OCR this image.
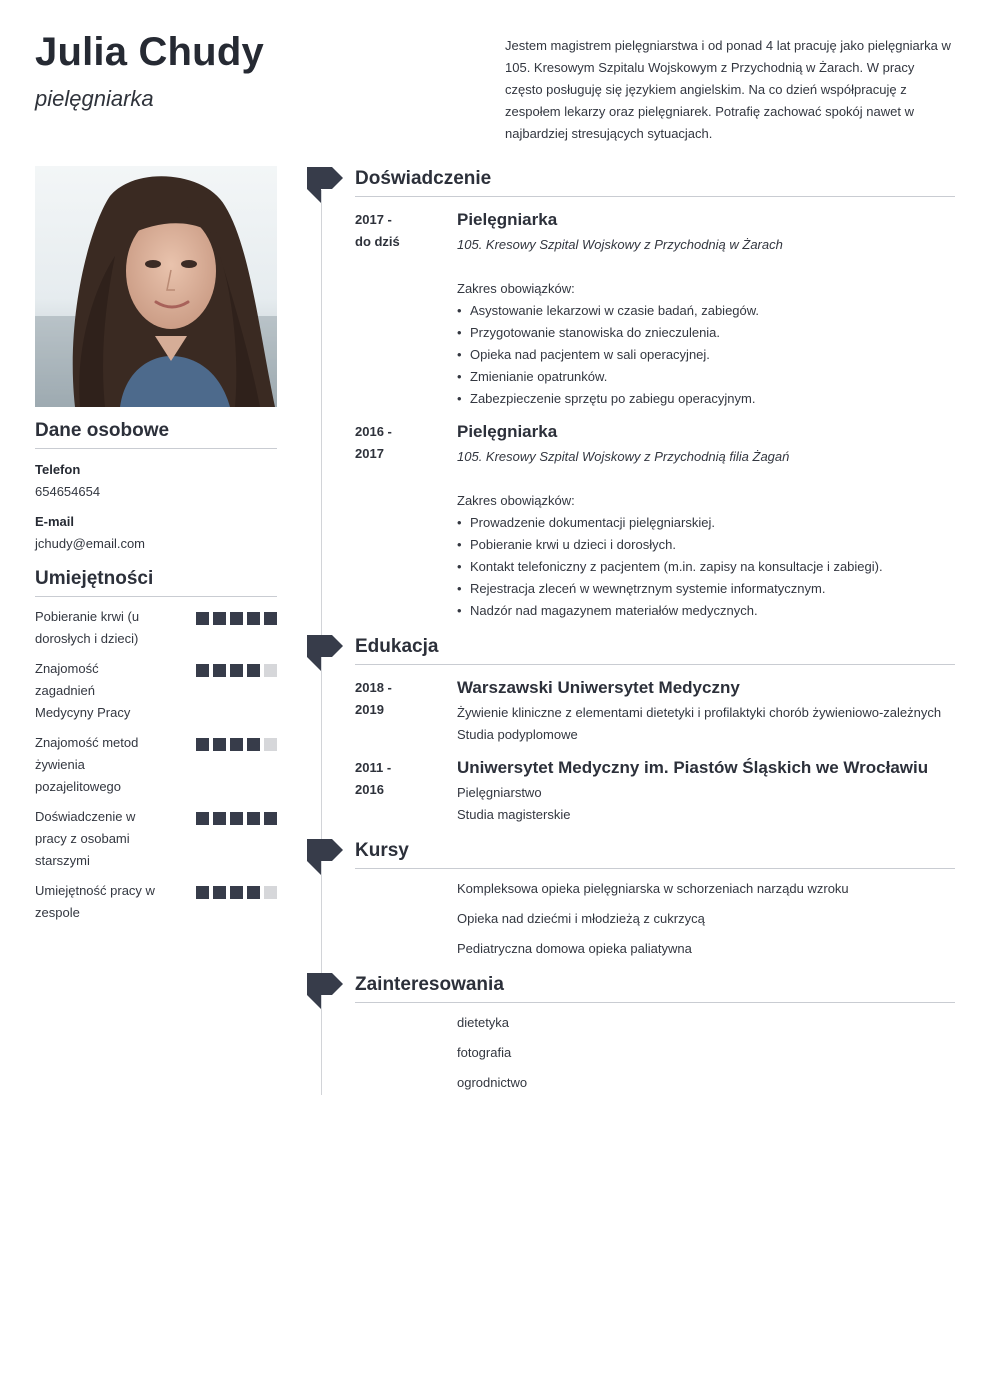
Julia Chudy
pielęgniarka
Jestem magistrem pielęgniarstwa i od ponad 4 lat pracuję jako pielęgniarka w 105. Kresowym Szpitalu Wojskowym z Przychodnią w Żarach. W pracy często posługuję się językiem angielskim. Na co dzień współpracuję z zespołem lekarzy oraz pielęgniarek. Potrafię zachować spokój nawet w najbardziej stresujących sytuacjach.
Dane osobowe
Telefon
654654654
E-mail
jchudy@email.com
Umiejętności
Pobieranie krwi (u dorosłych i dzieci)
Znajomość zagadnień Medycyny Pracy
Znajomość metod żywienia pozajelitowego
Doświadczenie w pracy z osobami starszymi
Umiejętność pracy w zespole
Doświadczenie
2017 -
do dziś
Pielęgniarka
105. Kresowy Szpital Wojskowy z Przychodnią w Żarach
Zakres obowiązków:
• Asystowanie lekarzowi w czasie badań, zabiegów.
• Przygotowanie stanowiska do znieczulenia.
• Opieka nad pacjentem w sali operacyjnej.
• Zmienianie opatrunków.
• Zabezpieczenie sprzętu po zabiegu operacyjnym.
2016 -
2017
Pielęgniarka
105. Kresowy Szpital Wojskowy z Przychodnią filia Żagań
Zakres obowiązków:
• Prowadzenie dokumentacji pielęgniarskiej.
• Pobieranie krwi u dzieci i dorosłych.
• Kontakt telefoniczny z pacjentem (m.in. zapisy na konsultacje i zabiegi).
• Rejestracja zleceń w wewnętrznym systemie informatycznym.
• Nadzór nad magazynem materiałów medycznych.
Edukacja
2018 -
2019
Warszawski Uniwersytet Medyczny
Żywienie kliniczne z elementami dietetyki i profilaktyki chorób żywieniowo-zależnych
Studia podyplomowe
2011 -
2016
Uniwersytet Medyczny im. Piastów Śląskich we Wrocławiu
Pielęgniarstwo
Studia magisterskie
Kursy
Kompleksowa opieka pielęgniarska w schorzeniach narządu wzroku
Opieka nad dziećmi i młodzieżą z cukrzycą
Pediatryczna domowa opieka paliatywna
Zainteresowania
dietetyka
fotografia
ogrodnictwo
